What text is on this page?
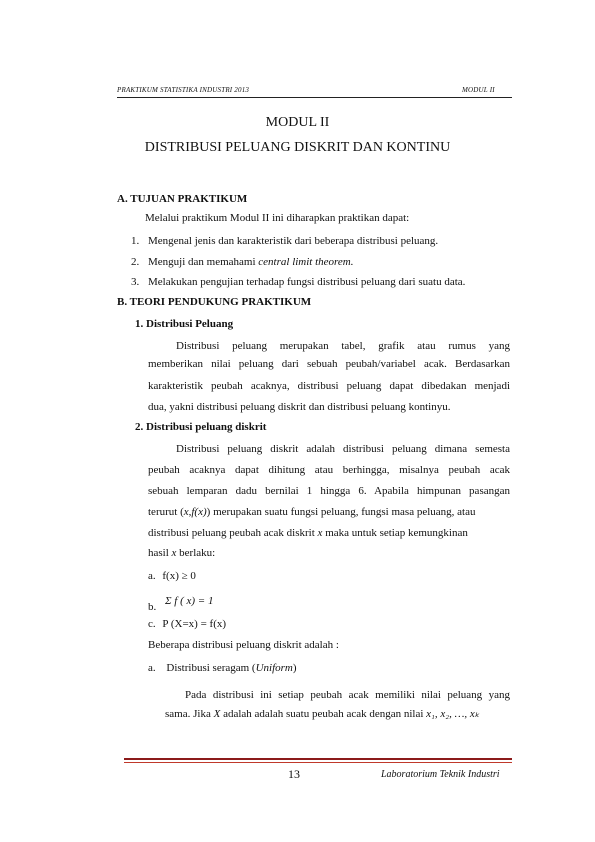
PRAKTIKUM STATISTIKA INDUSTRI 2013	MODUL II
MODUL II
DISTRIBUSI PELUANG DISKRIT DAN KONTINU
A. TUJUAN PRAKTIKUM
Melalui praktikum Modul II ini diharapkan praktikan dapat:
1. Mengenal jenis dan karakteristik dari beberapa distribusi peluang.
2. Menguji dan memahami central limit theorem.
3. Melakukan pengujian terhadap fungsi distribusi peluang dari suatu data.
B. TEORI PENDUKUNG PRAKTIKUM
1. Distribusi Peluang
Distribusi peluang merupakan tabel, grafik atau rumus yang
memberikan nilai peluang dari sebuah peubah/variabel acak. Berdasarkan
karakteristik peubah acaknya, distribusi peluang dapat dibedakan menjadi
dua, yakni distribusi peluang diskrit dan distribusi peluang kontinyu.
2. Distribusi peluang diskrit
Distribusi peluang diskrit adalah distribusi peluang dimana semesta
peubah acaknya dapat dihitung atau berhingga, misalnya peubah acak
sebuah lemparan dadu bernilai 1 hingga 6. Apabila himpunan pasangan
terurut (x,f(x)) merupakan suatu fungsi peluang, fungsi masa peluang, atau
distribusi peluang peubah acak diskrit x maka untuk setiap kemungkinan
hasil x berlaku:
a. f(x) ≥ 0
b. Σ f ( x) = 1
c. P (X=x) = f(x)
Beberapa distribusi peluang diskrit adalah :
a. Distribusi seragam (Uniform)
Pada distribusi ini setiap peubah acak memiliki nilai peluang yang
sama. Jika X adalah adalah suatu peubah acak dengan nilai x₁, x₂, …, xₖ
13	Laboratorium Teknik Industri
